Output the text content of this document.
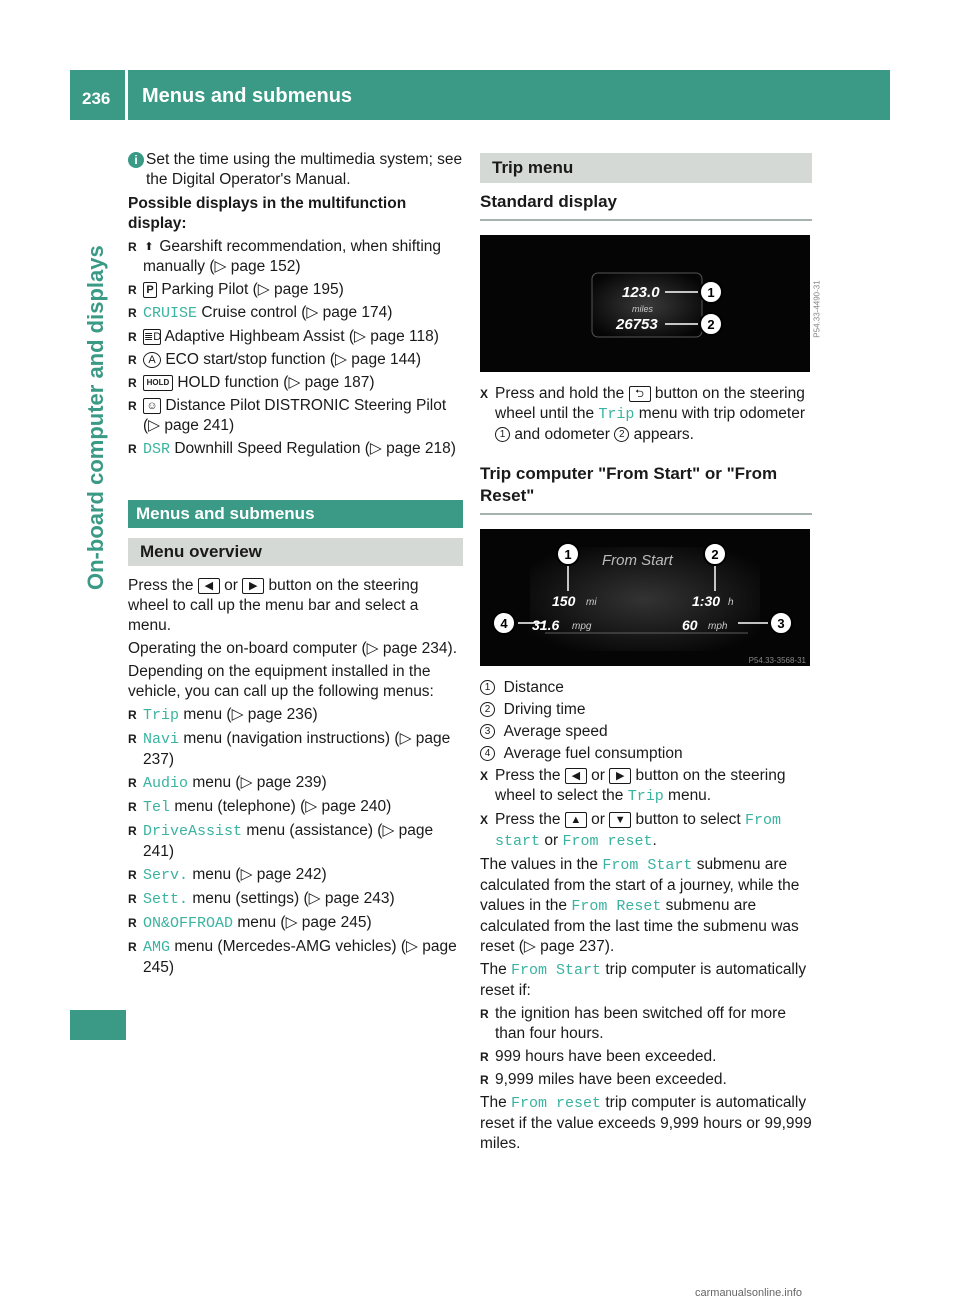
236 Menus and submenus
On-board computer and displays

i Set the time using the multimedia system; see the Digital Operator's Manual.

Possible displays in the multifunction display:

R ⬆ Gearshift recommendation, when shifting manually (▷ page 152)
R P Parking Pilot (▷ page 195)
R CRUISE Cruise control (▷ page 174)
R ≣D Adaptive Highbeam Assist (▷ page 118)
R A ECO start/stop function (▷ page 144)
R HOLD HOLD function (▷ page 187)
R ☺ Distance Pilot DISTRONIC Steering Pilot (▷ page 241)
R DSR Downhill Speed Regulation (▷ page 218)
Menus and submenus
Menu overview

Press the ◀ or ▶ button on the steering wheel to call up the menu bar and select a menu.

Operating the on-board computer (▷ page 234).

Depending on the equipment installed in the vehicle, you can call up the following menus:

R Trip menu (▷ page 236)
R Navi menu (navigation instructions) (▷ page 237)
R Audio menu (▷ page 239)
R Tel menu (telephone) (▷ page 240)
R DriveAssist menu (assistance) (▷ page 241)
R Serv. menu (▷ page 242)
R Sett. menu (settings) (▷ page 243)
R ON&OFFROAD menu (▷ page 245)
R AMG menu (Mercedes-AMG vehicles) (▷ page 245)
Trip menu
Standard display
1
2
123.0
miles
26753	P54.33-4490-31
X Press and hold the ⮌ button on the steering wheel until the Trip menu with trip odometer 1 and odometer 2 appears.
Trip computer "From Start" or "From Reset"
1	2
3
4
From Start
150 mi	1:30 h
31.6 mpg	60 mph
P54.33-3568-31
1 Distance
2 Driving time
3 Average speed
4 Average fuel consumption
X Press the ◀ or ▶ button on the steering wheel to select the Trip menu.
X Press the ▲ or ▼ button to select From start or From reset.

The values in the From Start submenu are calculated from the start of a journey, while the values in the From Reset submenu are calculated from the last time the submenu was reset (▷ page 237).

The From Start trip computer is automatically reset if:

R the ignition has been switched off for more than four hours.
R 999 hours have been exceeded.
R 9,999 miles have been exceeded.

The From reset trip computer is automatically reset if the value exceeds 9,999 hours or 99,999 miles.

carmanualsonline.info
